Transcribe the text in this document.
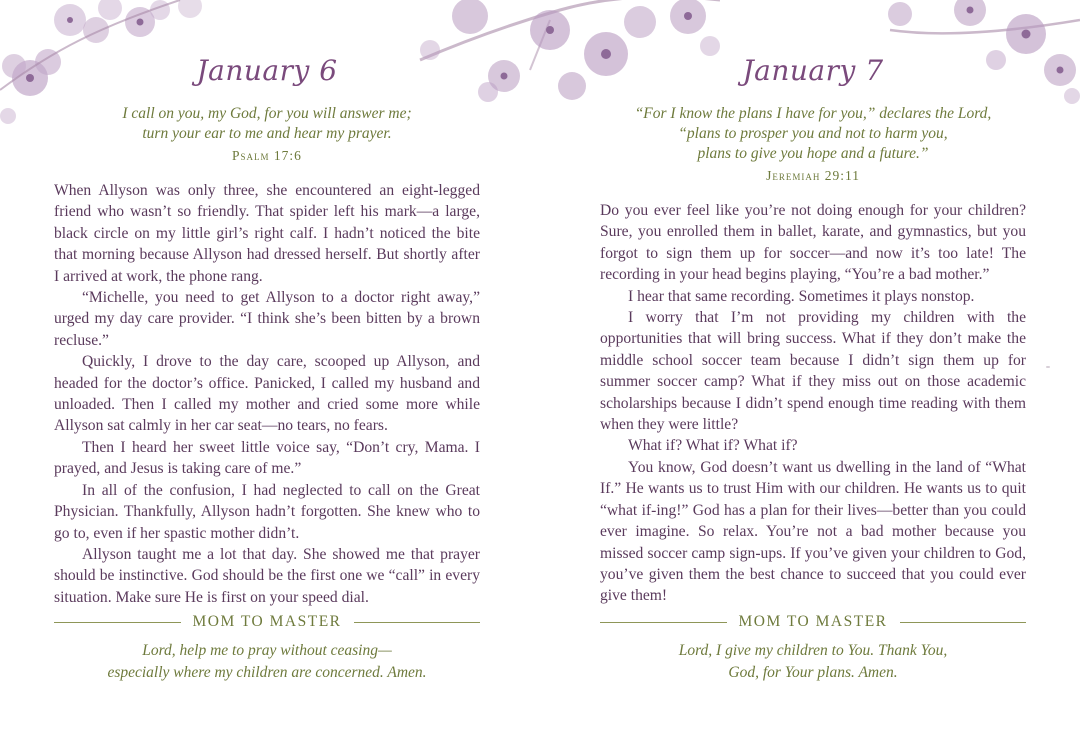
January 6
I call on you, my God, for you will answer me;
turn your ear to me and hear my prayer.
Psalm 17:6

When Allyson was only three, she encountered an eight-legged friend who wasn’t so friendly. That spider left his mark—a large, black circle on my little girl’s right calf. I hadn’t noticed the bite that morning because Allyson had dressed herself. But shortly after I arrived at work, the phone rang.

“Michelle, you need to get Allyson to a doctor right away,” urged my day care provider. “I think she’s been bitten by a brown recluse.”

Quickly, I drove to the day care, scooped up Allyson, and headed for the doctor’s office. Panicked, I called my husband and unloaded. Then I called my mother and cried some more while Allyson sat calmly in her car seat—no tears, no fears.

Then I heard her sweet little voice say, “Don’t cry, Mama. I prayed, and Jesus is taking care of me.”

In all of the confusion, I had neglected to call on the Great Physician. Thankfully, Allyson hadn’t forgotten. She knew who to go to, even if her spastic mother didn’t.

Allyson taught me a lot that day. She showed me that prayer should be instinctive. God should be the first one we “call” in every situation. Make sure He is first on your speed dial.

MOM TO MASTER
Lord, help me to pray without ceasing—
especially where my children are concerned. Amen.
January 7
“For I know the plans I have for you,” declares the Lord,
“plans to prosper you and not to harm you,
plans to give you hope and a future.”
Jeremiah 29:11

Do you ever feel like you’re not doing enough for your children? Sure, you enrolled them in ballet, karate, and gymnastics, but you forgot to sign them up for soccer—and now it’s too late! The recording in your head begins playing, “You’re a bad mother.”

I hear that same recording. Sometimes it plays nonstop.

I worry that I’m not providing my children with the opportunities that will bring success. What if they don’t make the middle school soccer team because I didn’t sign them up for summer soccer camp? What if they miss out on those academic scholarships because I didn’t spend enough time reading with them when they were little?

What if? What if? What if?

You know, God doesn’t want us dwelling in the land of “What If.” He wants us to trust Him with our children. He wants us to quit “what if-ing!” God has a plan for their lives—better than you could ever imagine. So relax. You’re not a bad mother because you missed soccer camp sign-ups. If you’ve given your children to God, you’ve given them the best chance to succeed that you could ever give them!

MOM TO MASTER
Lord, I give my children to You. Thank You,
God, for Your plans. Amen.
